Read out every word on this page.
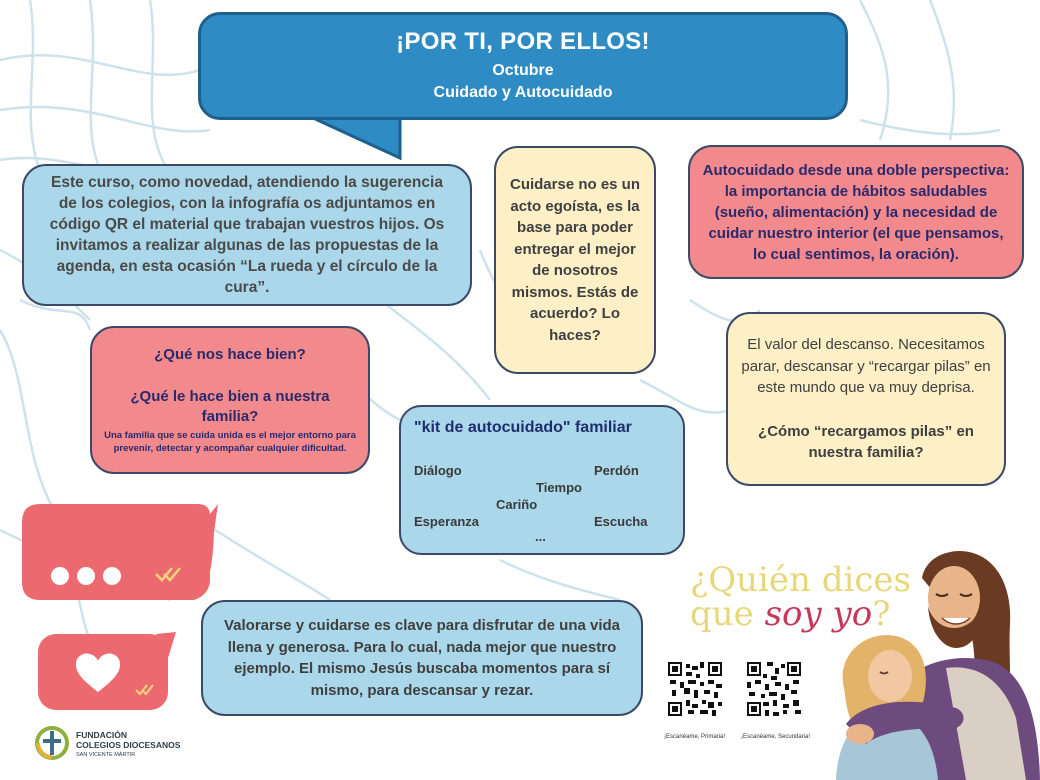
¡POR TI, POR ELLOS!
Octubre
Cuidado y Autocuidado

Este curso, como novedad, atendiendo la sugerencia de los colegios, con la infografía os adjuntamos en código QR el material que trabajan vuestros hijos. Os invitamos a realizar algunas de las propuestas de la agenda, en esta ocasión “La rueda y el círculo de la cura”.

Cuidarse no es un acto egoísta, es la base para poder entregar el mejor de nosotros mismos. Estás de acuerdo? Lo haces?

Autocuidado desde una doble perspectiva: la importancia de hábitos saludables (sueño, alimentación) y la necesidad de cuidar nuestro interior (el que pensamos, lo cual sentimos, la oración).

¿Qué nos hace bien?
¿Qué le hace bien a nuestra familia?
Una familia que se cuida unida es el mejor entorno para prevenir, detectar y acompañar cualquier dificultad.

El valor del descanso. Necesitamos parar, descansar y “recargar pilas” en este mundo que va muy deprisa.

¿Cómo “recargamos pilas” en nuestra familia?

"kit de autocuidado" familiar
Diálogo	Perdón
Tiempo
Cariño
Esperanza	Escucha
...

Valorarse y cuidarse es clave para disfrutar de una vida llena y generosa. Para lo cual, nada mejor que nuestro ejemplo. El mismo Jesús buscaba momentos para sí mismo, para descansar y rezar.

¿Quién dices
que soy yo?
¡Escanéame, Primaria!	¡Escanéame, Secundaria!
FUNDACIÓN
COLEGIOS DIOCESANOS
SAN VICENTE MÁRTIR
